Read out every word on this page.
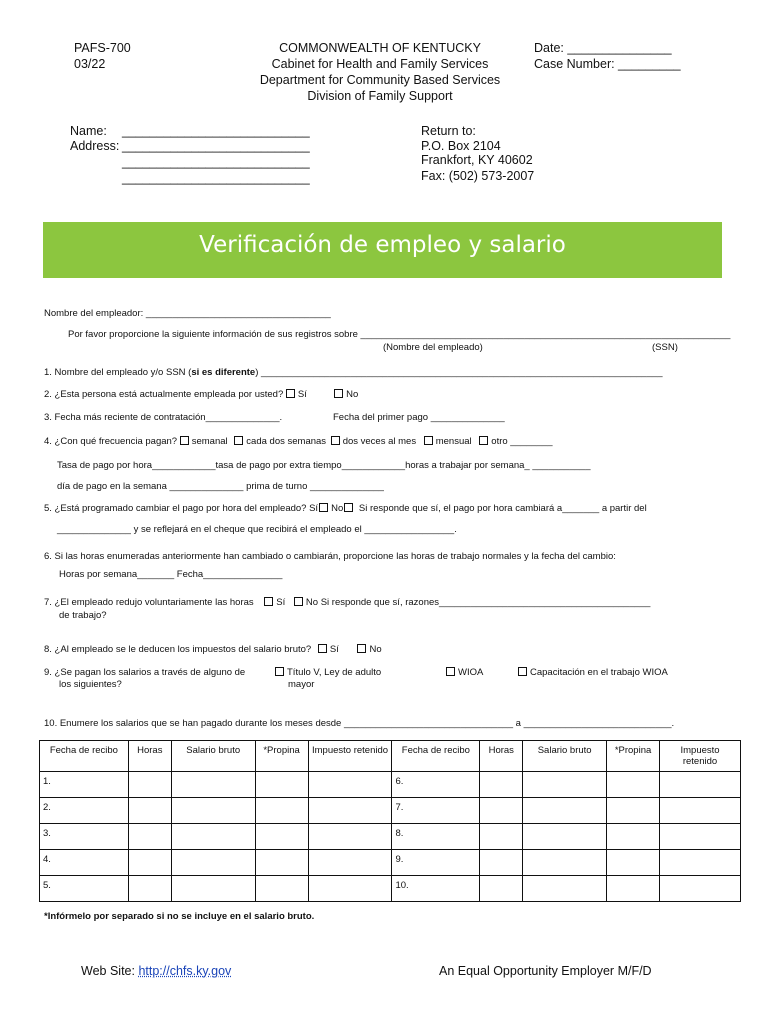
PAFS-700
03/22
COMMONWEALTH OF KENTUCKY
Cabinet for Health and Family Services
Department for Community Based Services
Division of Family Support
Date: _______________
Case Number: _________
Name: ___________________________
Address: ___________________________
___________________________
___________________________
Return to:
P.O. Box 2104
Frankfort, KY 40602
Fax: (502) 573-2007
Verificación de empleo y salario
Nombre del empleador: ___________________________________
Por favor proporcione la siguiente información de sus registros sobre ______________________________________________________________________
(Nombre del empleado)	(SSN)
1. Nombre del empleado y/o SSN (si es diferente) ____________________________________________________________________________
2. ¿Esta persona está actualmente empleada por usted? Sí	No
3. Fecha más reciente de contratación______________.	Fecha del primer pago ______________
4. ¿Con qué frecuencia pagan? semanal cada dos semanas dos veces al mes mensual otro ________
Tasa de pago por hora____________tasa de pago por extra tiempo____________horas a trabajar por semana_ ___________
día de pago en la semana ______________ prima de turno ______________
5. ¿Está programado cambiar el pago por hora del empleado? Sí No Si responde que sí, el pago por hora cambiará a_______ a partir del
______________ y se reflejará en el cheque que recibirá el empleado el _________________.
6. Si las horas enumeradas anteriormente han cambiado o cambiarán, proporcione las horas de trabajo normales y la fecha del cambio:
Horas por semana_______ Fecha_______________
7. ¿El empleado redujo voluntariamente las horas Sí No Si responde que sí, razones________________________________________
de trabajo?
8. ¿Al empleado se le deducen los impuestos del salario bruto? Sí	No
9. ¿Se pagan los salarios a través de alguno de
los siguientes?
Título V, Ley de adulto
mayor
WIOA	Capacitación en el trabajo WIOA
10. Enumere los salarios que se han pagado durante los meses desde ________________________________ a ____________________________.
Fecha de recibo	Horas	Salario bruto	*Propina	Impuesto retenido	Fecha de recibo	Horas	Salario bruto	*Propina	Impuesto retenido
1.					6.				
2.					7.				
3.					8.				
4.					9.				
5.					10.				
*Infórmelo por separado si no se incluye en el salario bruto.
Web Site: http://chfs.ky.gov	An Equal Opportunity Employer M/F/D
